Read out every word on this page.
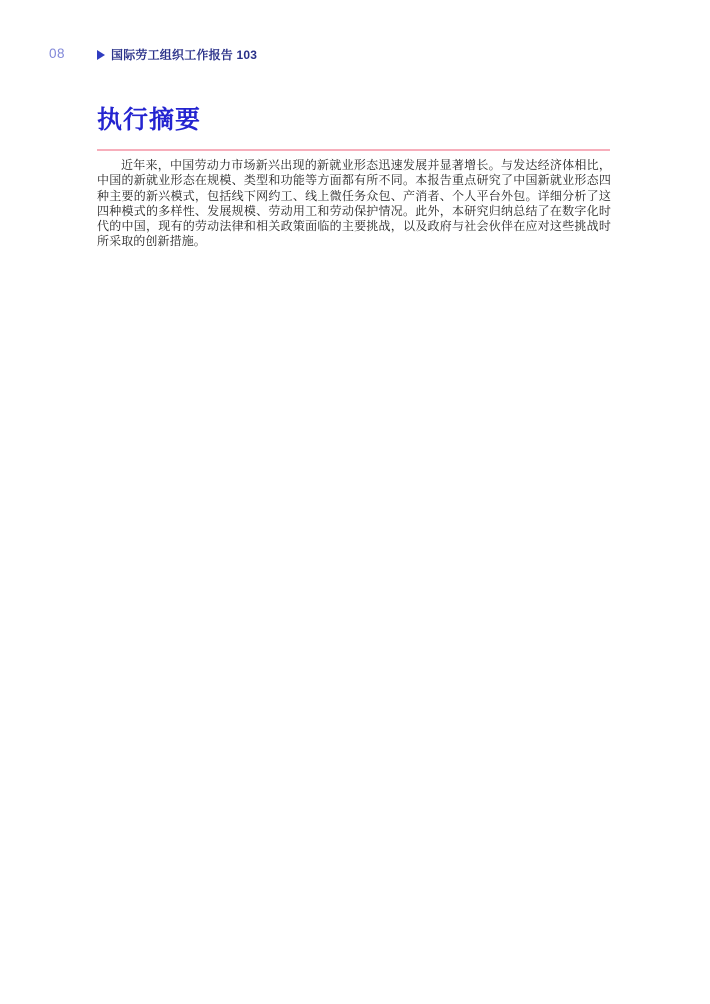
08	国际劳工组织工作报告 103
执行摘要

近年来，中国劳动力市场新兴出现的新就业形态迅速发展并显著增长。与发达经济体相比，中国的新就业形态在规模、类型和功能等方面都有所不同。本报告重点研究了中国新就业形态四种主要的新兴模式，包括线下网约工、线上微任务众包、产消者、个人平台外包。详细分析了这四种模式的多样性、发展规模、劳动用工和劳动保护情况。此外，本研究归纳总结了在数字化时代的中国，现有的劳动法律和相关政策面临的主要挑战，以及政府与社会伙伴在应对这些挑战时所采取的创新措施。
